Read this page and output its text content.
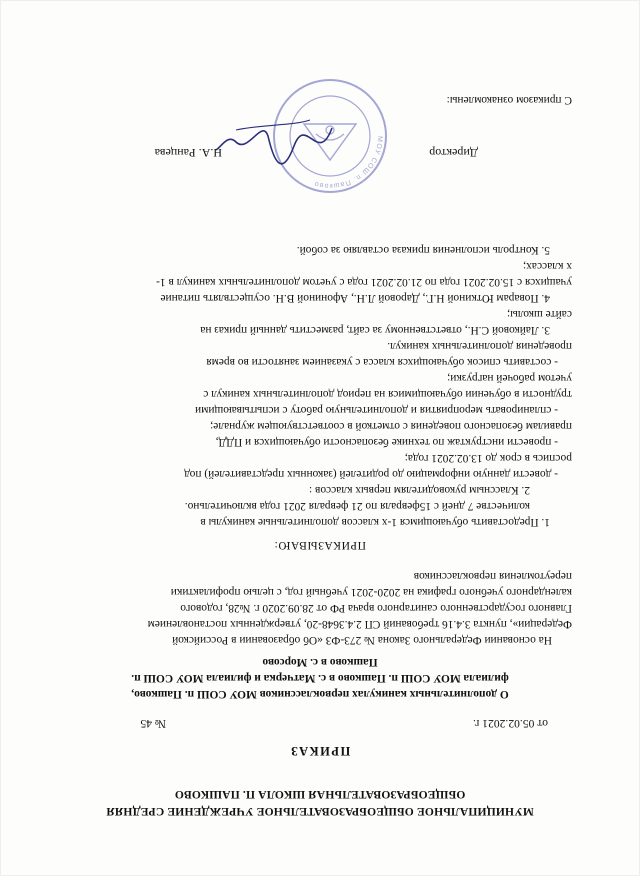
МУНИЦИПАЛЬНОЕ ОБЩЕОБРАЗОВАТЕЛЬНОЕ УЧРЕЖДЕНИЕ СРЕДНЯЯ
ОБЩЕОБРАЗОВАТЕЛЬНАЯ ШКОЛА П. ПАШКОВО
ПРИКАЗ
от 05.02.2021 г.
№ 45
О дополнительных каникулах первоклассников МОУ СОШ п. Пашково,
филиала МОУ СОШ п. Пашково в с. Матчерка и филиала МОУ СОШ п.
Пашково в с. Морсово
На основании Федерального Закона № 273-ФЗ «Об образовании в Российской
Федерации», пункта 3.4.16 требований СП 2.4.3648-20, утвержденных постановлением
Главного государственного санитарного врача РФ от 28.09.2020 г. №28, годового
календарного учебного графика на 2020-2021 учебный год, с целью профилактики
переутомления первоклассников
ПРИКАЗЫВАЮ:
1. Предоставить обучающимся 1-х классов дополнительные каникулы в
количестве 7 дней с 15февраля по 21 февраля 2021 года включительно.
2. Классным руководителям первых классов :
- довести данную информацию до родителей (законных представителей) под
роспись в срок до 13.02.2021 года;
- провести инструктаж по технике безопасности обучающихся и ПДД,
правилам безопасного поведения с отметкой в соответствующем журнале;
- спланировать мероприятия и дополнительную работу с испытывающими
трудности в обучении обучающимися на период дополнительных каникул с
учетом рабочей нагрузки;
- составить список обучающихся класса с указанием занятости во время
проведения дополнительных каникул.
3. Лайковой С.Н., ответственному за сайт, разместить данный приказ на
сайте школы;
4. Поварам Юткиной Н.Г., Даровой Л.Н., Афониной В.Н. осуществлять питание
учащихся с 15.02.2021 года по 21.02.2021 года с учетом дополнительных каникул в 1-
х классах;
5. Контроль исполнения приказа оставляю за собой.
МОУ СОШ п. Пашково
Директор
Н.А. Ранцева
С приказом ознакомлены:
